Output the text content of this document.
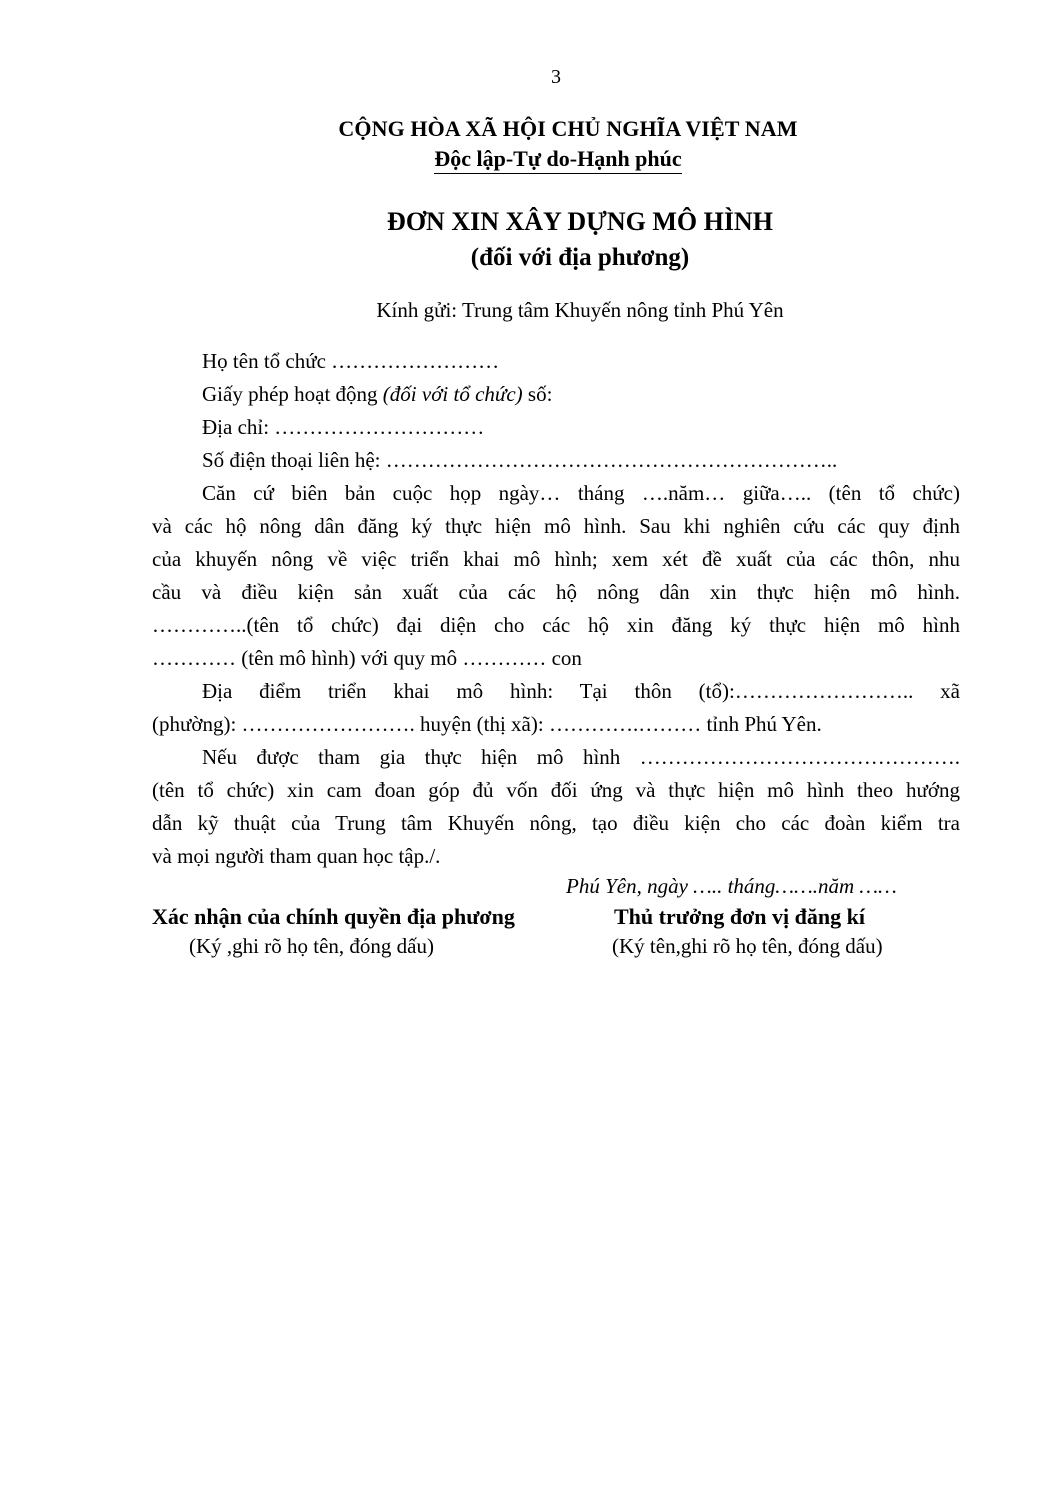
3
CỘNG HÒA XÃ HỘI CHỦ NGHĨA VIỆT NAM
Độc lập-Tự do-Hạnh phúc
ĐƠN XIN XÂY DỰNG MÔ HÌNH
(đối với địa phương)
Kính gửi: Trung tâm Khuyến nông tỉnh Phú Yên

Họ tên tổ chức ……………………

Giấy phép hoạt động (đối với tổ chức) số:

Địa chỉ: …………………………

Số điện thoại liên hệ: ………………………………………………………..

Căn cứ biên bản cuộc họp ngày… tháng ….năm… giữa….. (tên tổ chức)

và các hộ nông dân đăng ký thực hiện mô hình. Sau khi nghiên cứu các quy định

của khuyến nông về việc triển khai mô hình; xem xét đề xuất của các thôn, nhu

cầu và điều kiện sản xuất của các hộ nông dân xin thực hiện mô hình.

…………..(tên tổ chức) đại diện cho các hộ xin đăng ký thực hiện mô hình

………… (tên mô hình) với quy mô ………… con

Địa điểm triển khai mô hình: Tại thôn (tổ):…………………….. xã

(phường): ……………………. huyện (thị xã): ………….……… tỉnh Phú Yên.

Nếu được tham gia thực hiện mô hình ……………………………………….

(tên tổ chức) xin cam đoan góp đủ vốn đối ứng và thực hiện mô hình theo hướng

dẫn kỹ thuật của Trung tâm Khuyến nông, tạo điều kiện cho các đoàn kiểm tra

và mọi người tham quan học tập./.

Phú Yên, ngày ….. tháng…….năm ……
Xác nhận của chính quyền địa phương
(Ký ,ghi rõ họ tên, đóng dấu)
Thủ trưởng đơn vị đăng kí
(Ký tên,ghi rõ họ tên, đóng dấu)
